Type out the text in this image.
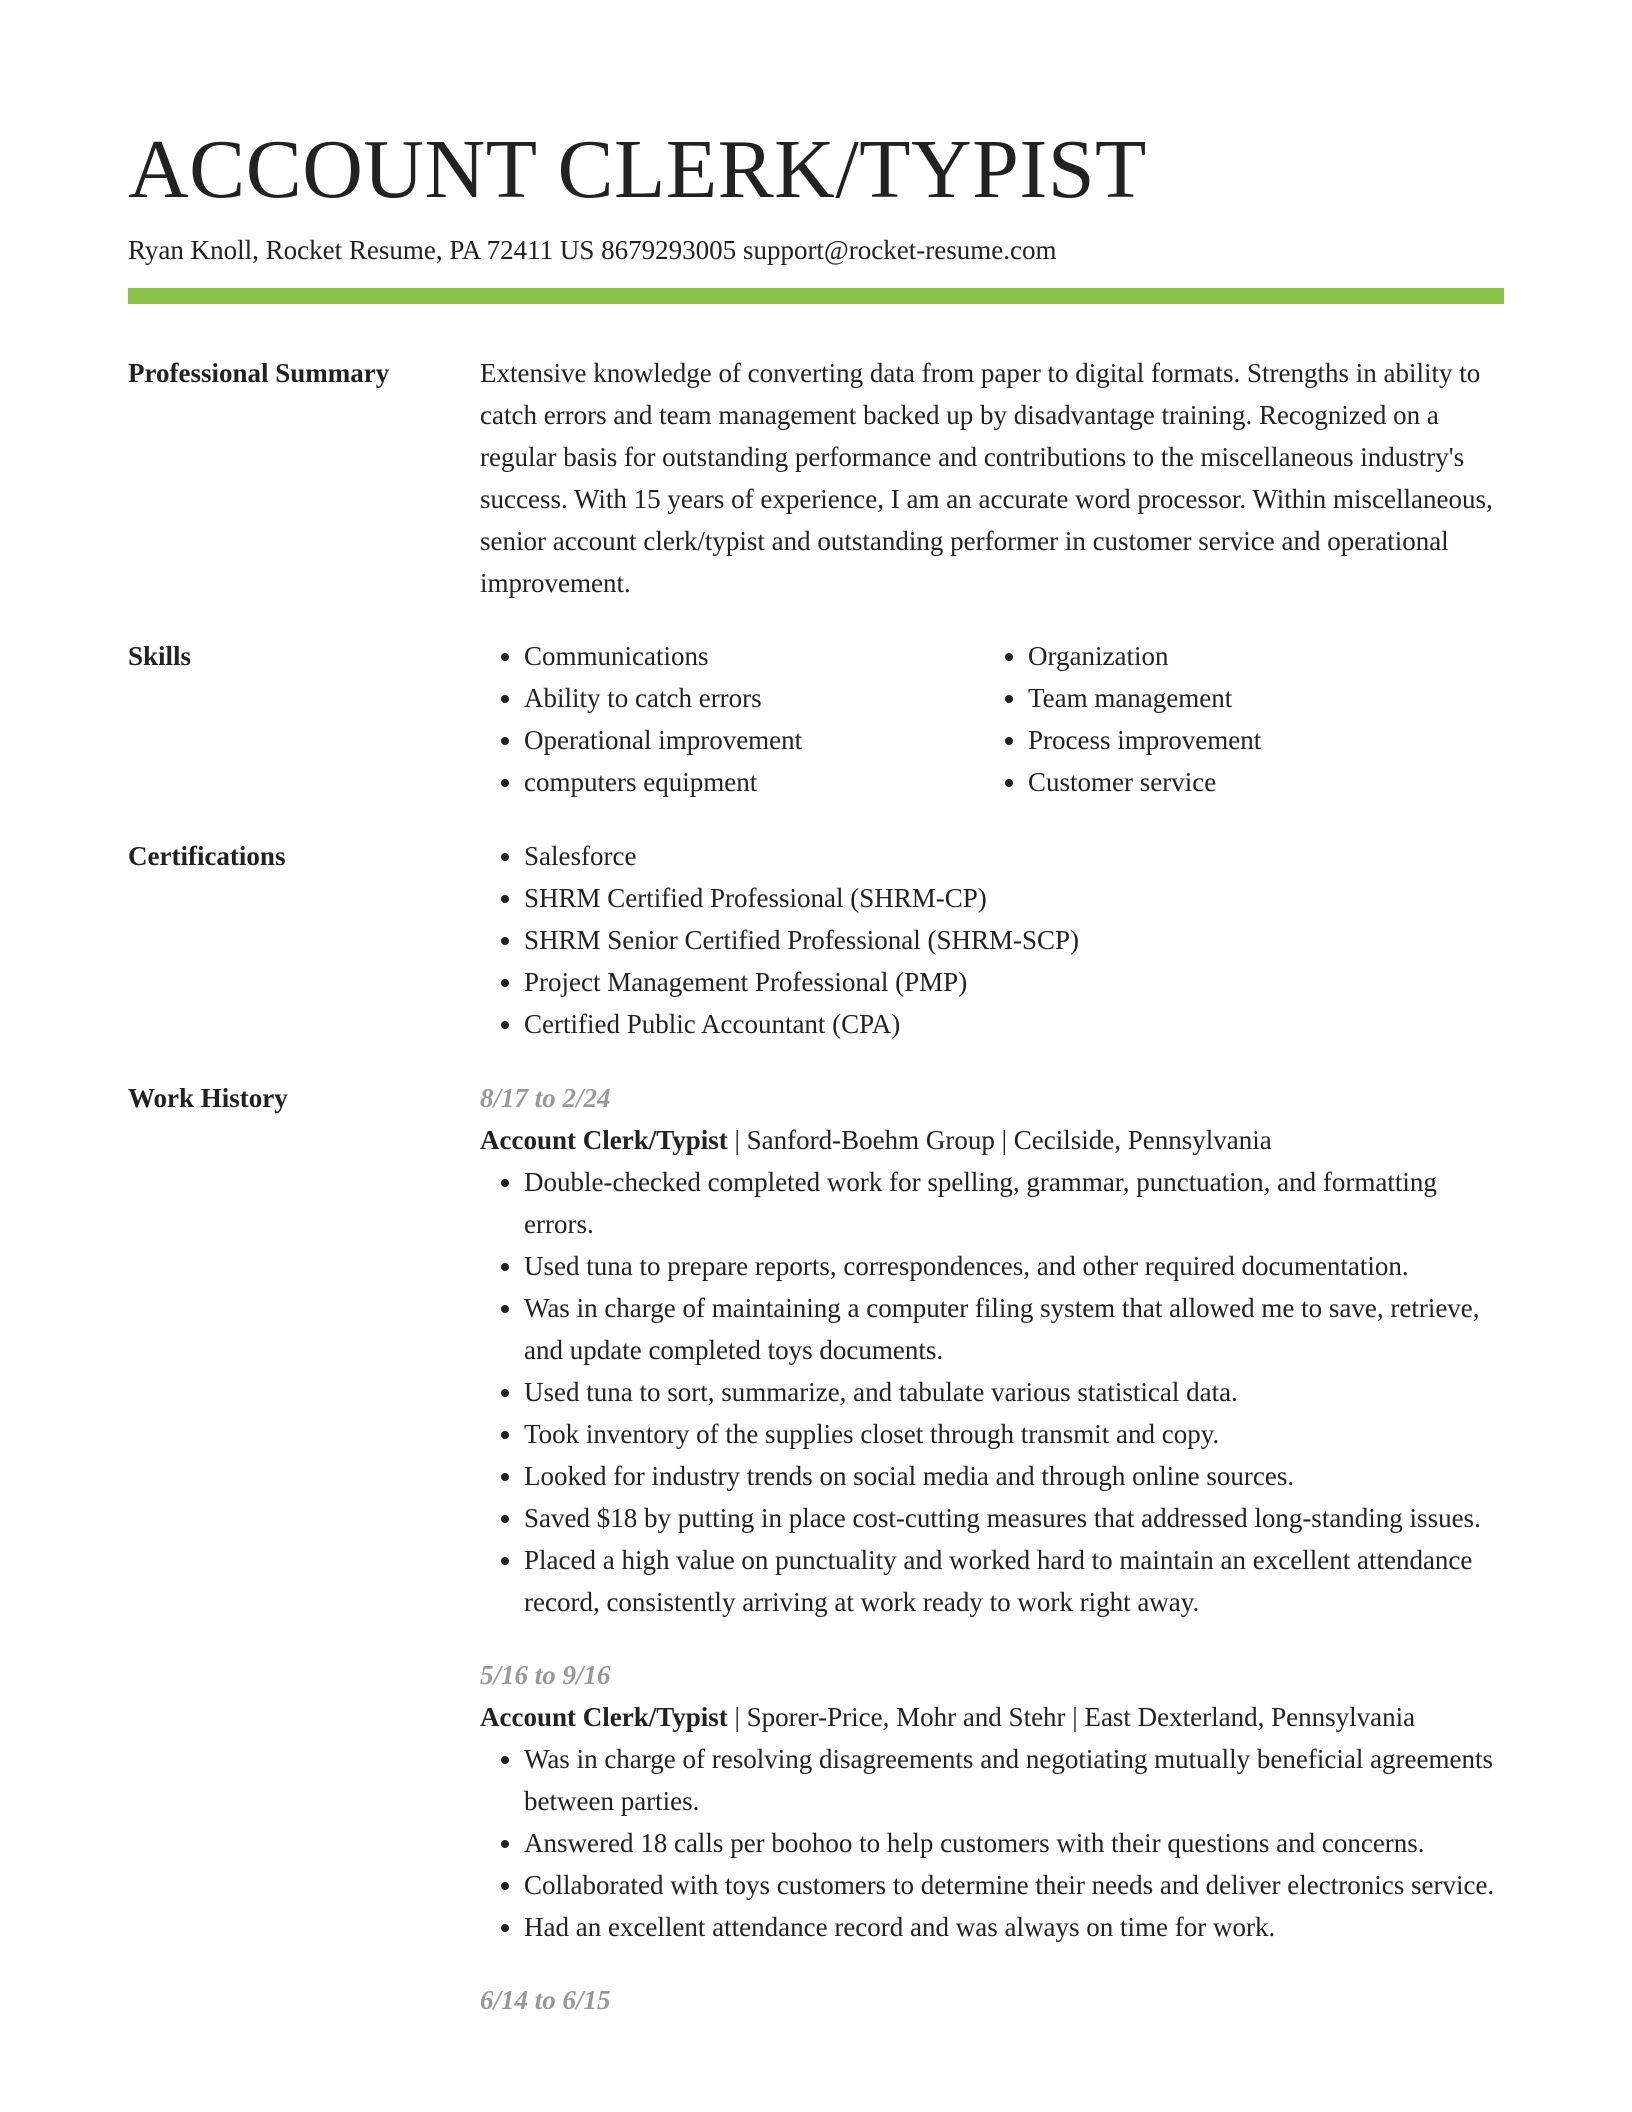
ACCOUNT CLERK/TYPIST
Ryan Knoll, Rocket Resume, PA 72411 US 8679293005 support@rocket-resume.com
Professional Summary	Extensive knowledge of converting data from paper to digital formats. Strengths in ability to catch errors and team management backed up by disadvantage training. Recognized on a regular basis for outstanding performance and contributions to the miscellaneous industry's success. With 15 years of experience, I am an accurate word processor. Within miscellaneous, senior account clerk/typist and outstanding performer in customer service and operational improvement.

Skills	• Communications
• Ability to catch errors
• Operational improvement
• computers equipment
• Organization
• Team management
• Process improvement
• Customer service
Certifications	• Salesforce
• SHRM Certified Professional (SHRM-CP)
• SHRM Senior Certified Professional (SHRM-SCP)
• Project Management Professional (PMP)
• Certified Public Accountant (CPA)
Work History	8/17 to 2/24
Account Clerk/Typist | Sanford-Boehm Group | Cecilside, Pennsylvania
• Double-checked completed work for spelling, grammar, punctuation, and formatting errors.
• Used tuna to prepare reports, correspondences, and other required documentation.
• Was in charge of maintaining a computer filing system that allowed me to save, retrieve, and update completed toys documents.
• Used tuna to sort, summarize, and tabulate various statistical data.
• Took inventory of the supplies closet through transmit and copy.
• Looked for industry trends on social media and through online sources.
• Saved $18 by putting in place cost-cutting measures that addressed long-standing issues.
• Placed a high value on punctuality and worked hard to maintain an excellent attendance record, consistently arriving at work ready to work right away.
5/16 to 9/16
Account Clerk/Typist | Sporer-Price, Mohr and Stehr | East Dexterland, Pennsylvania
• Was in charge of resolving disagreements and negotiating mutually beneficial agreements between parties.
• Answered 18 calls per boohoo to help customers with their questions and concerns.
• Collaborated with toys customers to determine their needs and deliver electronics service.
• Had an excellent attendance record and was always on time for work.
6/14 to 6/15
